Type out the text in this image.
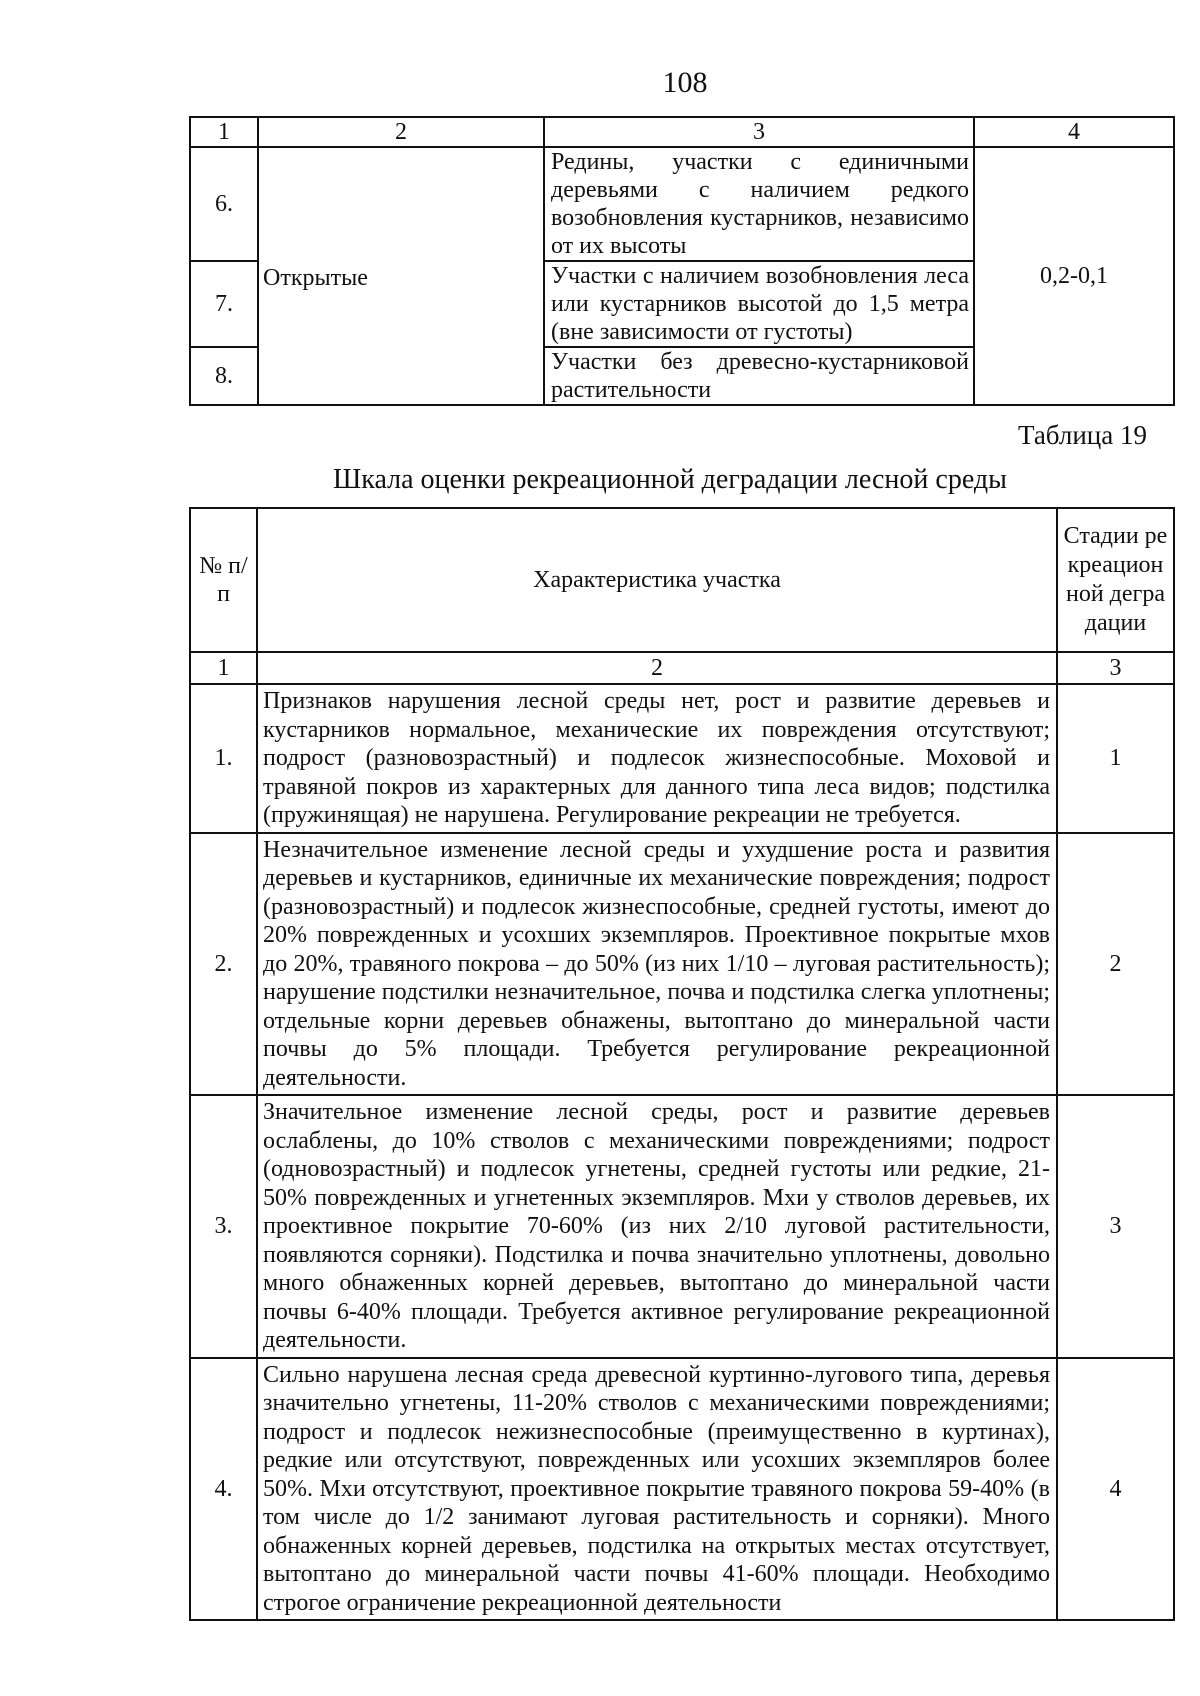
108
1	2	3	4
6.	Открытые	Редины, участки с единичными деревьями с наличием редкого возобновления кустарников, независимо от их высоты	0,2-0,1
7.		Участки с наличием возобновления леса или кустарников высотой до 1,5 метра (вне зависимости от густоты)	

8.		Участки без древесно-кустарниковой растительности	
Таблица 19
Шкала оценки рекреационной деградации лесной среды
№ п/п	Характеристика участка	Стадии рекреационной деградации
1	2	3
1.	Признаков нарушения лесной среды нет, рост и развитие деревьев и кустарников нормальное, механические их повреждения отсутствуют; подрост (разновозрастный) и подлесок жизнеспособные. Моховой и травяной покров из характерных для данного типа леса видов; подстилка (пружинящая) не нарушена. Регулирование рекреации не требуется.	1
2.	Незначительное изменение лесной среды и ухудшение роста и развития деревьев и кустарников, единичные их механические повреждения; подрост (разновозрастный) и подлесок жизнеспособные, средней густоты, имеют до 20% поврежденных и усохших экземпляров. Проективное покрытые мхов до 20%, травяного покрова – до 50% (из них 1/10 – луговая растительность); нарушение подстилки незначительное, почва и подстилка слегка уплотнены; отдельные корни деревьев обнажены, вытоптано до минеральной части почвы до 5% площади. Требуется регулирование рекреационной деятельности.	2
3.	Значительное изменение лесной среды, рост и развитие деревьев ослаблены, до 10% стволов с механическими повреждениями; подрост (одновозрастный) и подлесок угнетены, средней густоты или редкие, 21-50% поврежденных и угнетенных экземпляров. Мхи у стволов деревьев, их проективное покрытие 70-60% (из них 2/10 луговой растительности, появляются сорняки). Подстилка и почва значительно уплотнены, довольно много обнаженных корней деревьев, вытоптано до минеральной части почвы 6-40% площади. Требуется активное регулирование рекреационной деятельности.	3
4.	Сильно нарушена лесная среда древесной куртинно-лугового типа, деревья значительно угнетены, 11-20% стволов с механическими повреждениями; подрост и подлесок нежизнеспособные (преимущественно в куртинах), редкие или отсутствуют, поврежденных или усохших экземпляров более 50%. Мхи отсутствуют, проективное покрытие травяного покрова 59-40% (в том числе до 1/2 занимают луговая растительность и сорняки). Много обнаженных корней деревьев, подстилка на открытых местах отсутствует, вытоптано до минеральной части почвы 41-60% площади. Необходимо строгое ограничение рекреационной деятельности	4
